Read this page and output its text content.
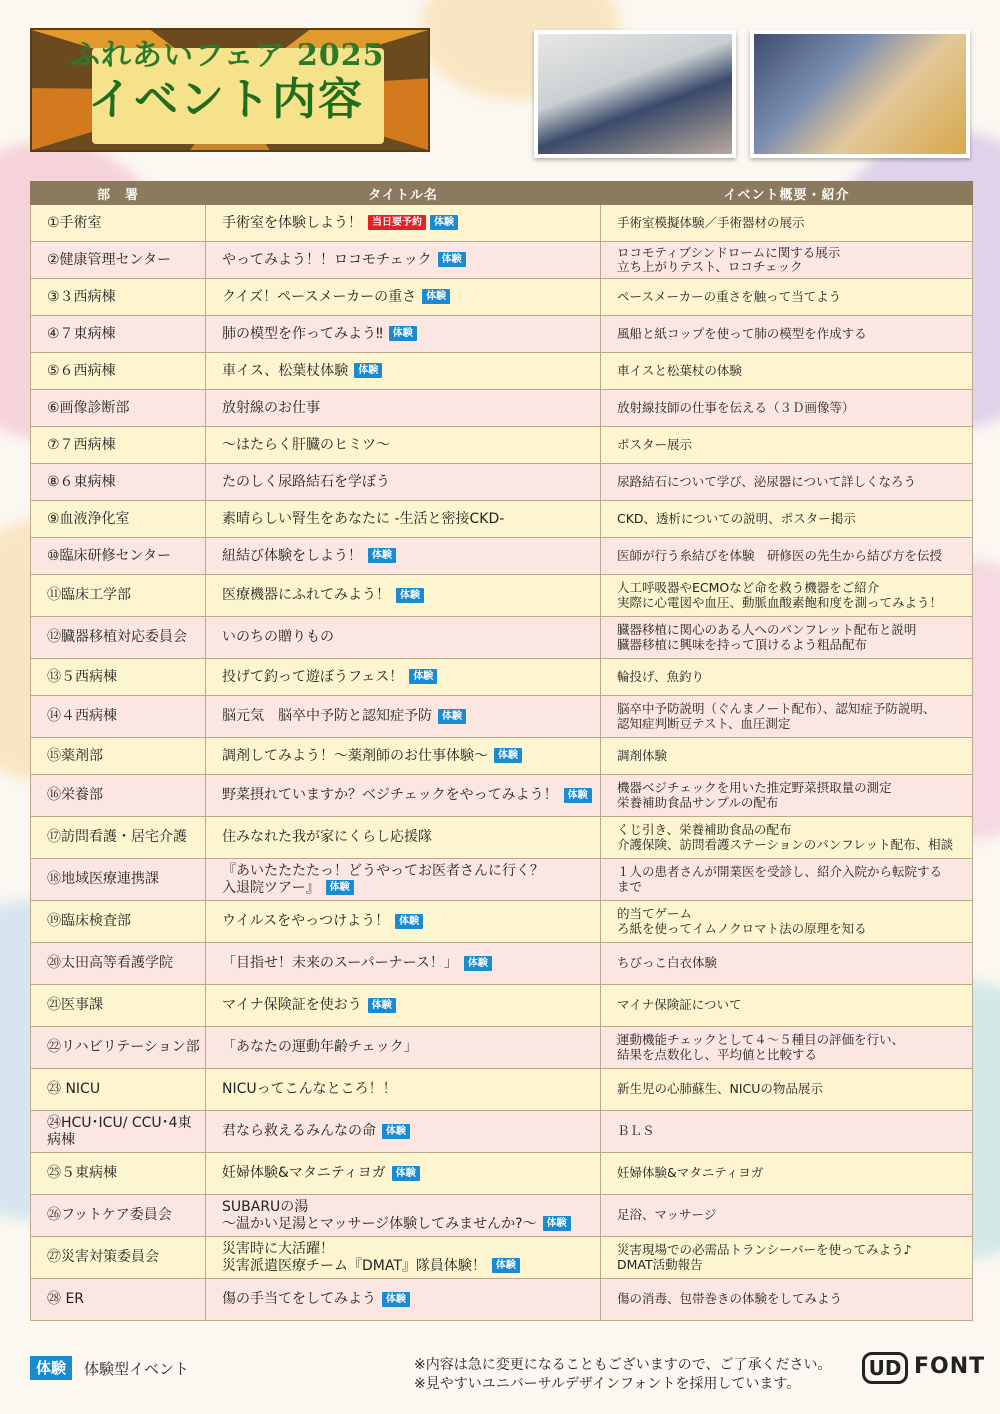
ふれあいフェア 2025
イベント内容
部　署	タイトル名	イベント概要・紹介
①手術室	手術室を体験しよう！ 当日要予約 体験	手術室模擬体験／手術器材の展示
②健康管理センター	やってみよう！！ロコモチェック 体験	ロコモティブシンドロームに関する展示
立ち上がりテスト、ロコチェック
③３西病棟	クイズ！ペースメーカーの重さ 体験	ペースメーカーの重さを触って当てよう
④７東病棟	肺の模型を作ってみよう‼ 体験	風船と紙コップを使って肺の模型を作成する
⑤６西病棟	車イス、松葉杖体験 体験	車イスと松葉杖の体験
⑥画像診断部	放射線のお仕事	放射線技師の仕事を伝える（３Ｄ画像等）
⑦７西病棟	～はたらく肝臓のヒミツ～	ポスター展示
⑧６東病棟	たのしく尿路結石を学ぼう	尿路結石について学び、泌尿器について詳しくなろう
⑨血液浄化室	素晴らしい腎生をあなたに -生活と密接CKD-	CKD、透析についての説明、ポスター掲示
⑩臨床研修センター	紐結び体験をしよう！ 体験	医師が行う糸結びを体験　研修医の先生から結び方を伝授
⑪臨床工学部	医療機器にふれてみよう！ 体験	人工呼吸器やECMOなど命を救う機器をご紹介
実際に心電図や血圧、動脈血酸素飽和度を測ってみよう！
⑫臓器移植対応委員会	いのちの贈りもの	臓器移植に関心のある人へのパンフレット配布と説明
臓器移植に興味を持って頂けるよう粗品配布
⑬５西病棟	投げて釣って遊ぼうフェス！ 体験	輪投げ、魚釣り
⑭４西病棟	脳元気　脳卒中予防と認知症予防 体験	脳卒中予防説明（ぐんまノート配布）、認知症予防説明、
認知症判断豆テスト、血圧測定
⑮薬剤部	調剤してみよう！～薬剤師のお仕事体験～ 体験	調剤体験
⑯栄養部	野菜摂れていますか？ベジチェックをやってみよう！ 体験	機器ベジチェックを用いた推定野菜摂取量の測定
栄養補助食品サンプルの配布
⑰訪問看護・居宅介護	住みなれた我が家にくらし応援隊	くじ引き、栄養補助食品の配布
介護保険、訪問看護ステーションのパンフレット配布、相談
⑱地域医療連携課	『あいたたたたっ！どうやってお医者さんに行く？
入退院ツアー』 体験	１人の患者さんが開業医を受診し、紹介入院から転院する
まで
⑲臨床検査部	ウイルスをやっつけよう！ 体験	的当てゲーム
ろ紙を使ってイムノクロマト法の原理を知る
⑳太田高等看護学院	「目指せ！未来のスーパーナース！」 体験	ちびっこ白衣体験
㉑医事課	マイナ保険証を使おう 体験	マイナ保険証について
㉒リハビリテーション部	「あなたの運動年齢チェック」	運動機能チェックとして４～５種目の評価を行い、
結果を点数化し、平均値と比較する
㉓ NICU	NICUってこんなところ！！	新生児の心肺蘇生、NICUの物品展示
㉔HCU･ICU/ CCU･4東病棟	君なら救えるみんなの命 体験	ＢＬＳ
㉕５東病棟	妊婦体験&マタニティヨガ 体験	妊婦体験&マタニティヨガ
㉖フットケア委員会	SUBARUの湯
～温かい足湯とマッサージ体験してみませんか?～ 体験	足浴、マッサージ
㉗災害対策委員会	災害時に大活躍！
災害派遣医療チーム『DMAT』隊員体験！ 体験	災害現場での必需品トランシーバーを使ってみよう♪
DMAT活動報告
㉘ ER	傷の手当てをしてみよう 体験	傷の消毒、包帯巻きの体験をしてみよう
体験	体験型イベント	※内容は急に変更になることもございますので、ご了承ください。
※見やすいユニバーサルデザインフォントを採用しています。
UD FONT
